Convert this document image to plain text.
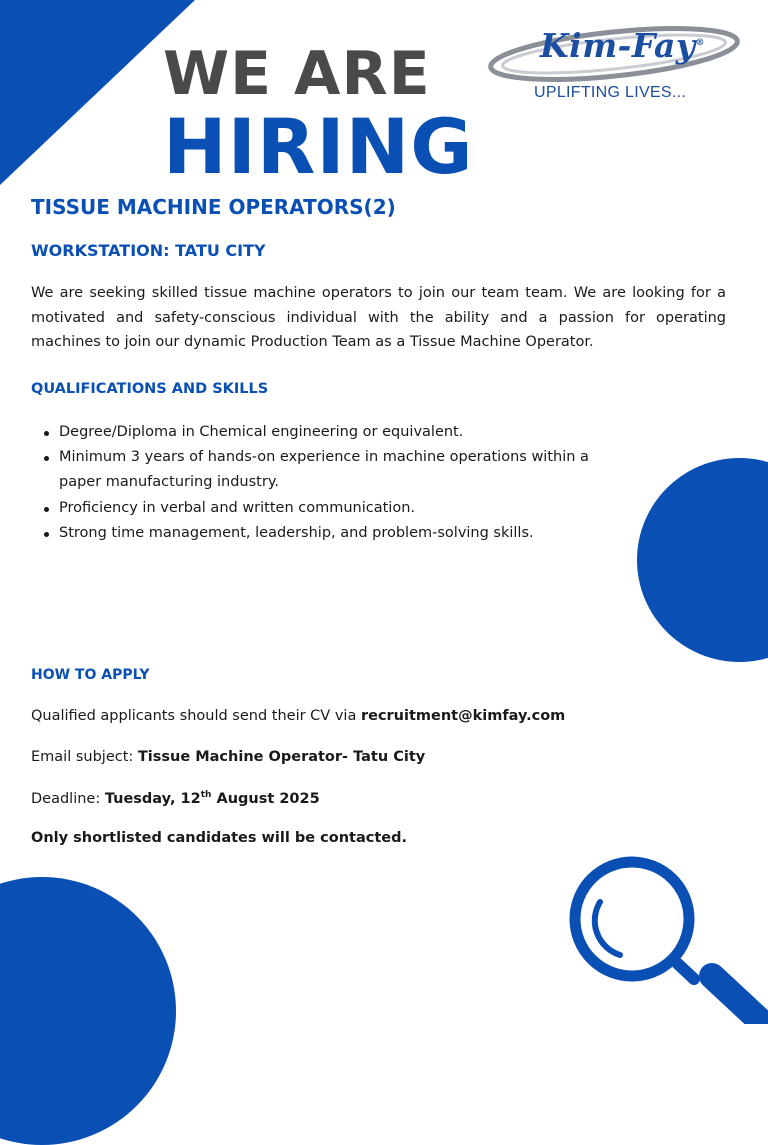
Kim-Fay®
UPLIFTING LIVES...
WE ARE
HIRING
TISSUE MACHINE OPERATORS(2)
WORKSTATION: TATU CITY

We are seeking skilled tissue machine operators to join our team team. We are looking for a motivated and safety-conscious individual with the ability and a passion for operating machines to join our dynamic Production Team as a Tissue Machine Operator.

QUALIFICATIONS AND SKILLS
Degree/Diploma in Chemical engineering or equivalent.
Minimum 3 years of hands-on experience in machine operations within a paper manufacturing industry.
Proficiency in verbal and written communication.
Strong time management, leadership, and problem-solving skills.
HOW TO APPLY

Qualified applicants should send their CV via recruitment@kimfay.com

Email subject: Tissue Machine Operator- Tatu City

Deadline: Tuesday, 12th August 2025

Only shortlisted candidates will be contacted.
